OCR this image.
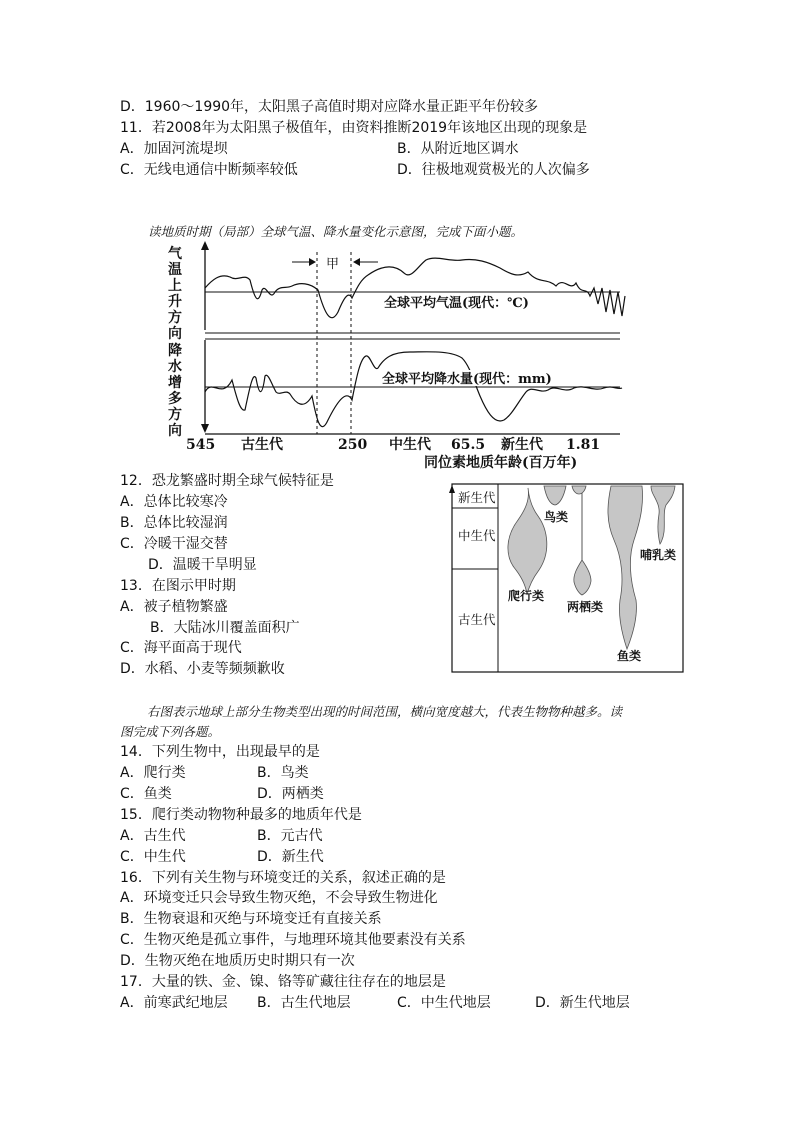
D．1960～1990年，太阳黑子高值时期对应降水量正距平年份较多
11．若2008年为太阳黑子极值年，由资料推断2019年该地区出现的现象是
A．加固河流堤坝	B．从附近地区调水
C．无线电通信中断频率较低	D．往极地观赏极光的人次偏多
读地质时期（局部）全球气温、降水量变化示意图，完成下面小题。
气
温
上
升
方
向
降
水
增
多
方
向
甲
全球平均气温(现代：℃)
全球平均降水量(现代：mm)
545 古生代	250 中生代 65.5 新生代 1.81
同位素地质年龄(百万年)
新生代
中生代
古生代
鸟类
哺乳类
爬行类
两栖类
鱼类
12．恐龙繁盛时期全球气候特征是
A．总体比较寒冷
B．总体比较湿润
C．冷暖干湿交替
D．温暖干旱明显
13．在图示甲时期
A．被子植物繁盛
B．大陆冰川覆盖面积广
C．海平面高于现代
D．水稻、小麦等频频歉收
右图表示地球上部分生物类型出现的时间范围，横向宽度越大，代表生物物种越多。读
图完成下列各题。
14．下列生物中，出现最早的是
A．爬行类	B．鸟类
C．鱼类	D．两栖类
15．爬行类动物物种最多的地质年代是
A．古生代	B．元古代
C．中生代	D．新生代
16．下列有关生物与环境变迁的关系，叙述正确的是
A．环境变迁只会导致生物灭绝，不会导致生物进化
B．生物衰退和灭绝与环境变迁有直接关系
C．生物灭绝是孤立事件，与地理环境其他要素没有关系
D．生物灭绝在地质历史时期只有一次
17．大量的铁、金、镍、铬等矿藏往往存在的地层是
A．前寒武纪地层 B．古生代地层	C．中生代地层	D．新生代地层
